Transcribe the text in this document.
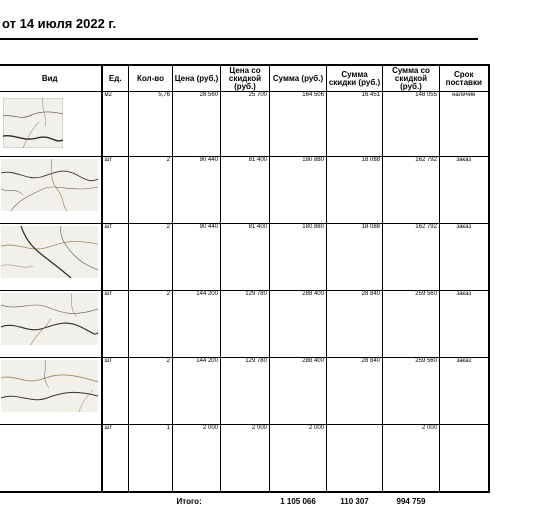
от 14 июля 2022 г.
Вид	Ед.	Кол-во	Цена (руб.)	Цена со скидкой (руб.)	Сумма (руб.)	Сумма скидки (руб.)	Сумма со скидкой (руб.)	Срок поставки

	м2	5,76	28 560	25 700	164 506	16 451	148 055	наличие

	шт	2	90 440	81 400	180 880	18 088	162 792	заказ

	шт	2	90 440	81 400	180 880	18 088	162 792	заказ

	шт	2	144 200	129 780	288 400	28 840	259 560	заказ

	шт	2	144 200	129 780	288 400	28 840	259 560	заказ
	шт	1	2 000	2 000	2 000		2 000	
			Итого:		1 105 066	110 307	994 759	
